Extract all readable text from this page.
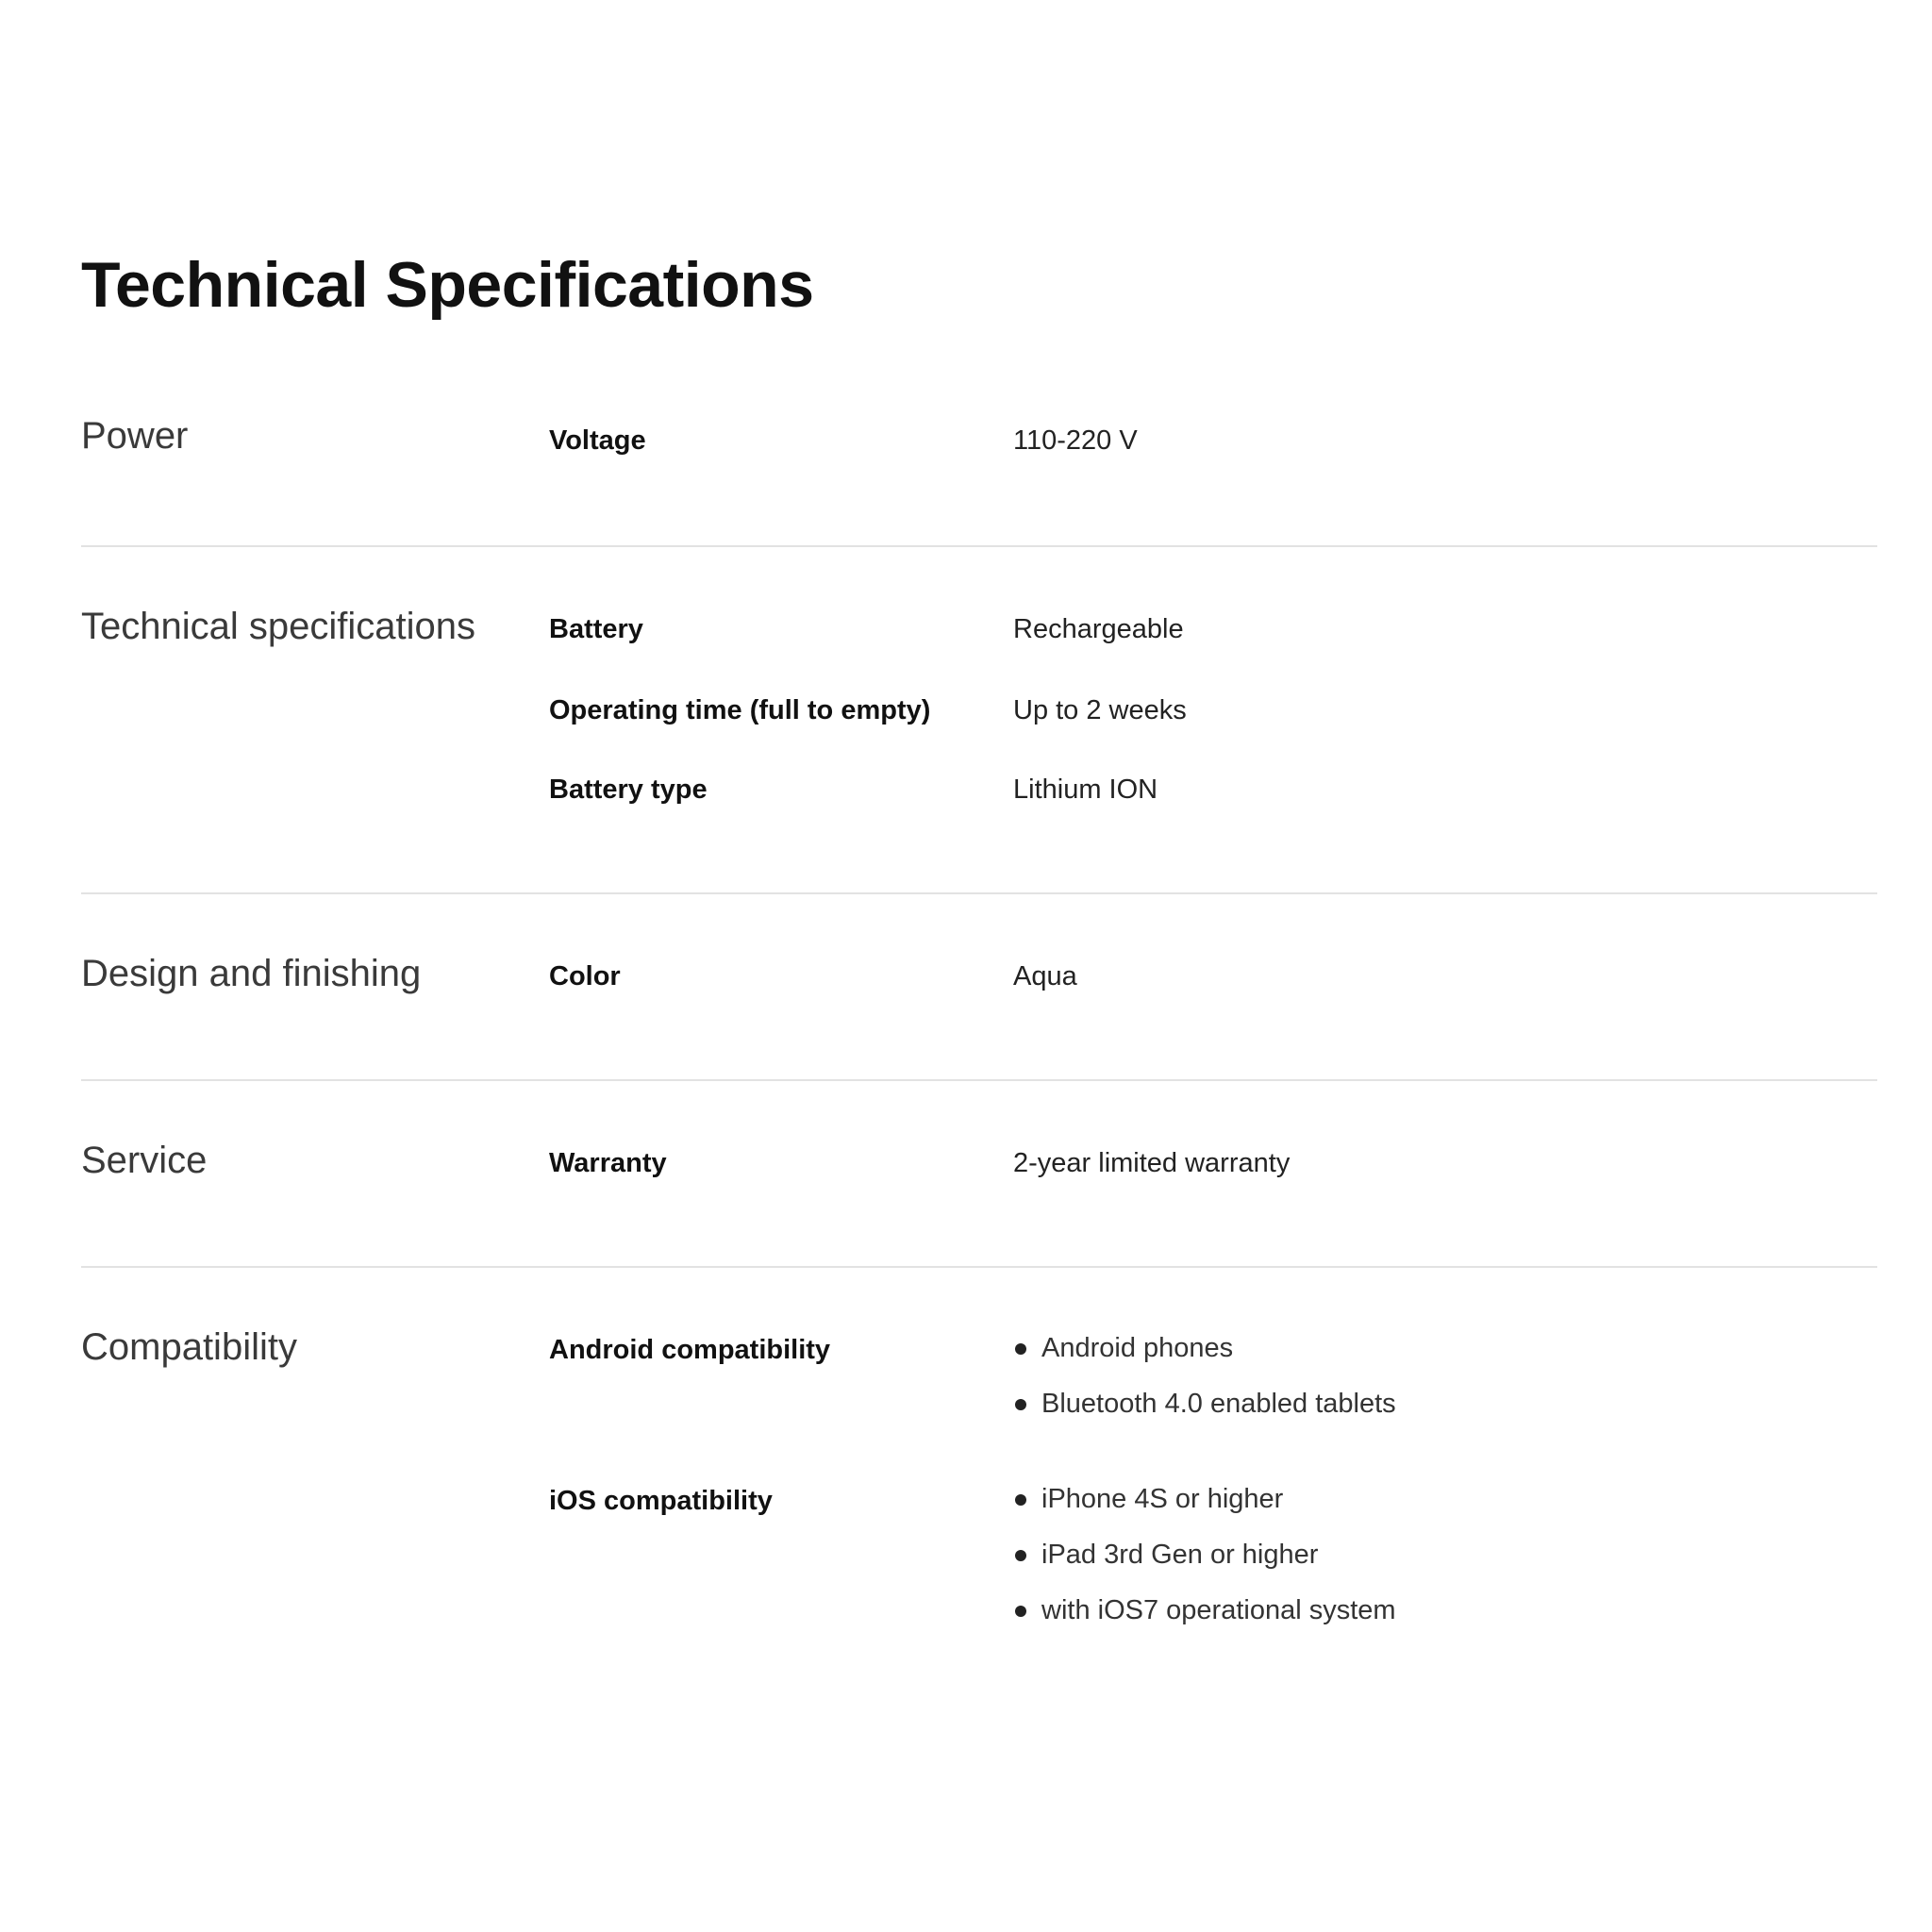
Technical Specifications
Power	Voltage	110-220 V
Technical specifications	Battery	Rechargeable
Operating time (full to empty)	Up to 2 weeks
Battery type	Lithium ION
Design and finishing	Color	Aqua
Service	Warranty	2-year limited warranty
Compatibility	Android compatibility	Android phones
Bluetooth 4.0 enabled tablets
iOS compatibility	iPhone 4S or higher
iPad 3rd Gen or higher
with iOS7 operational system
